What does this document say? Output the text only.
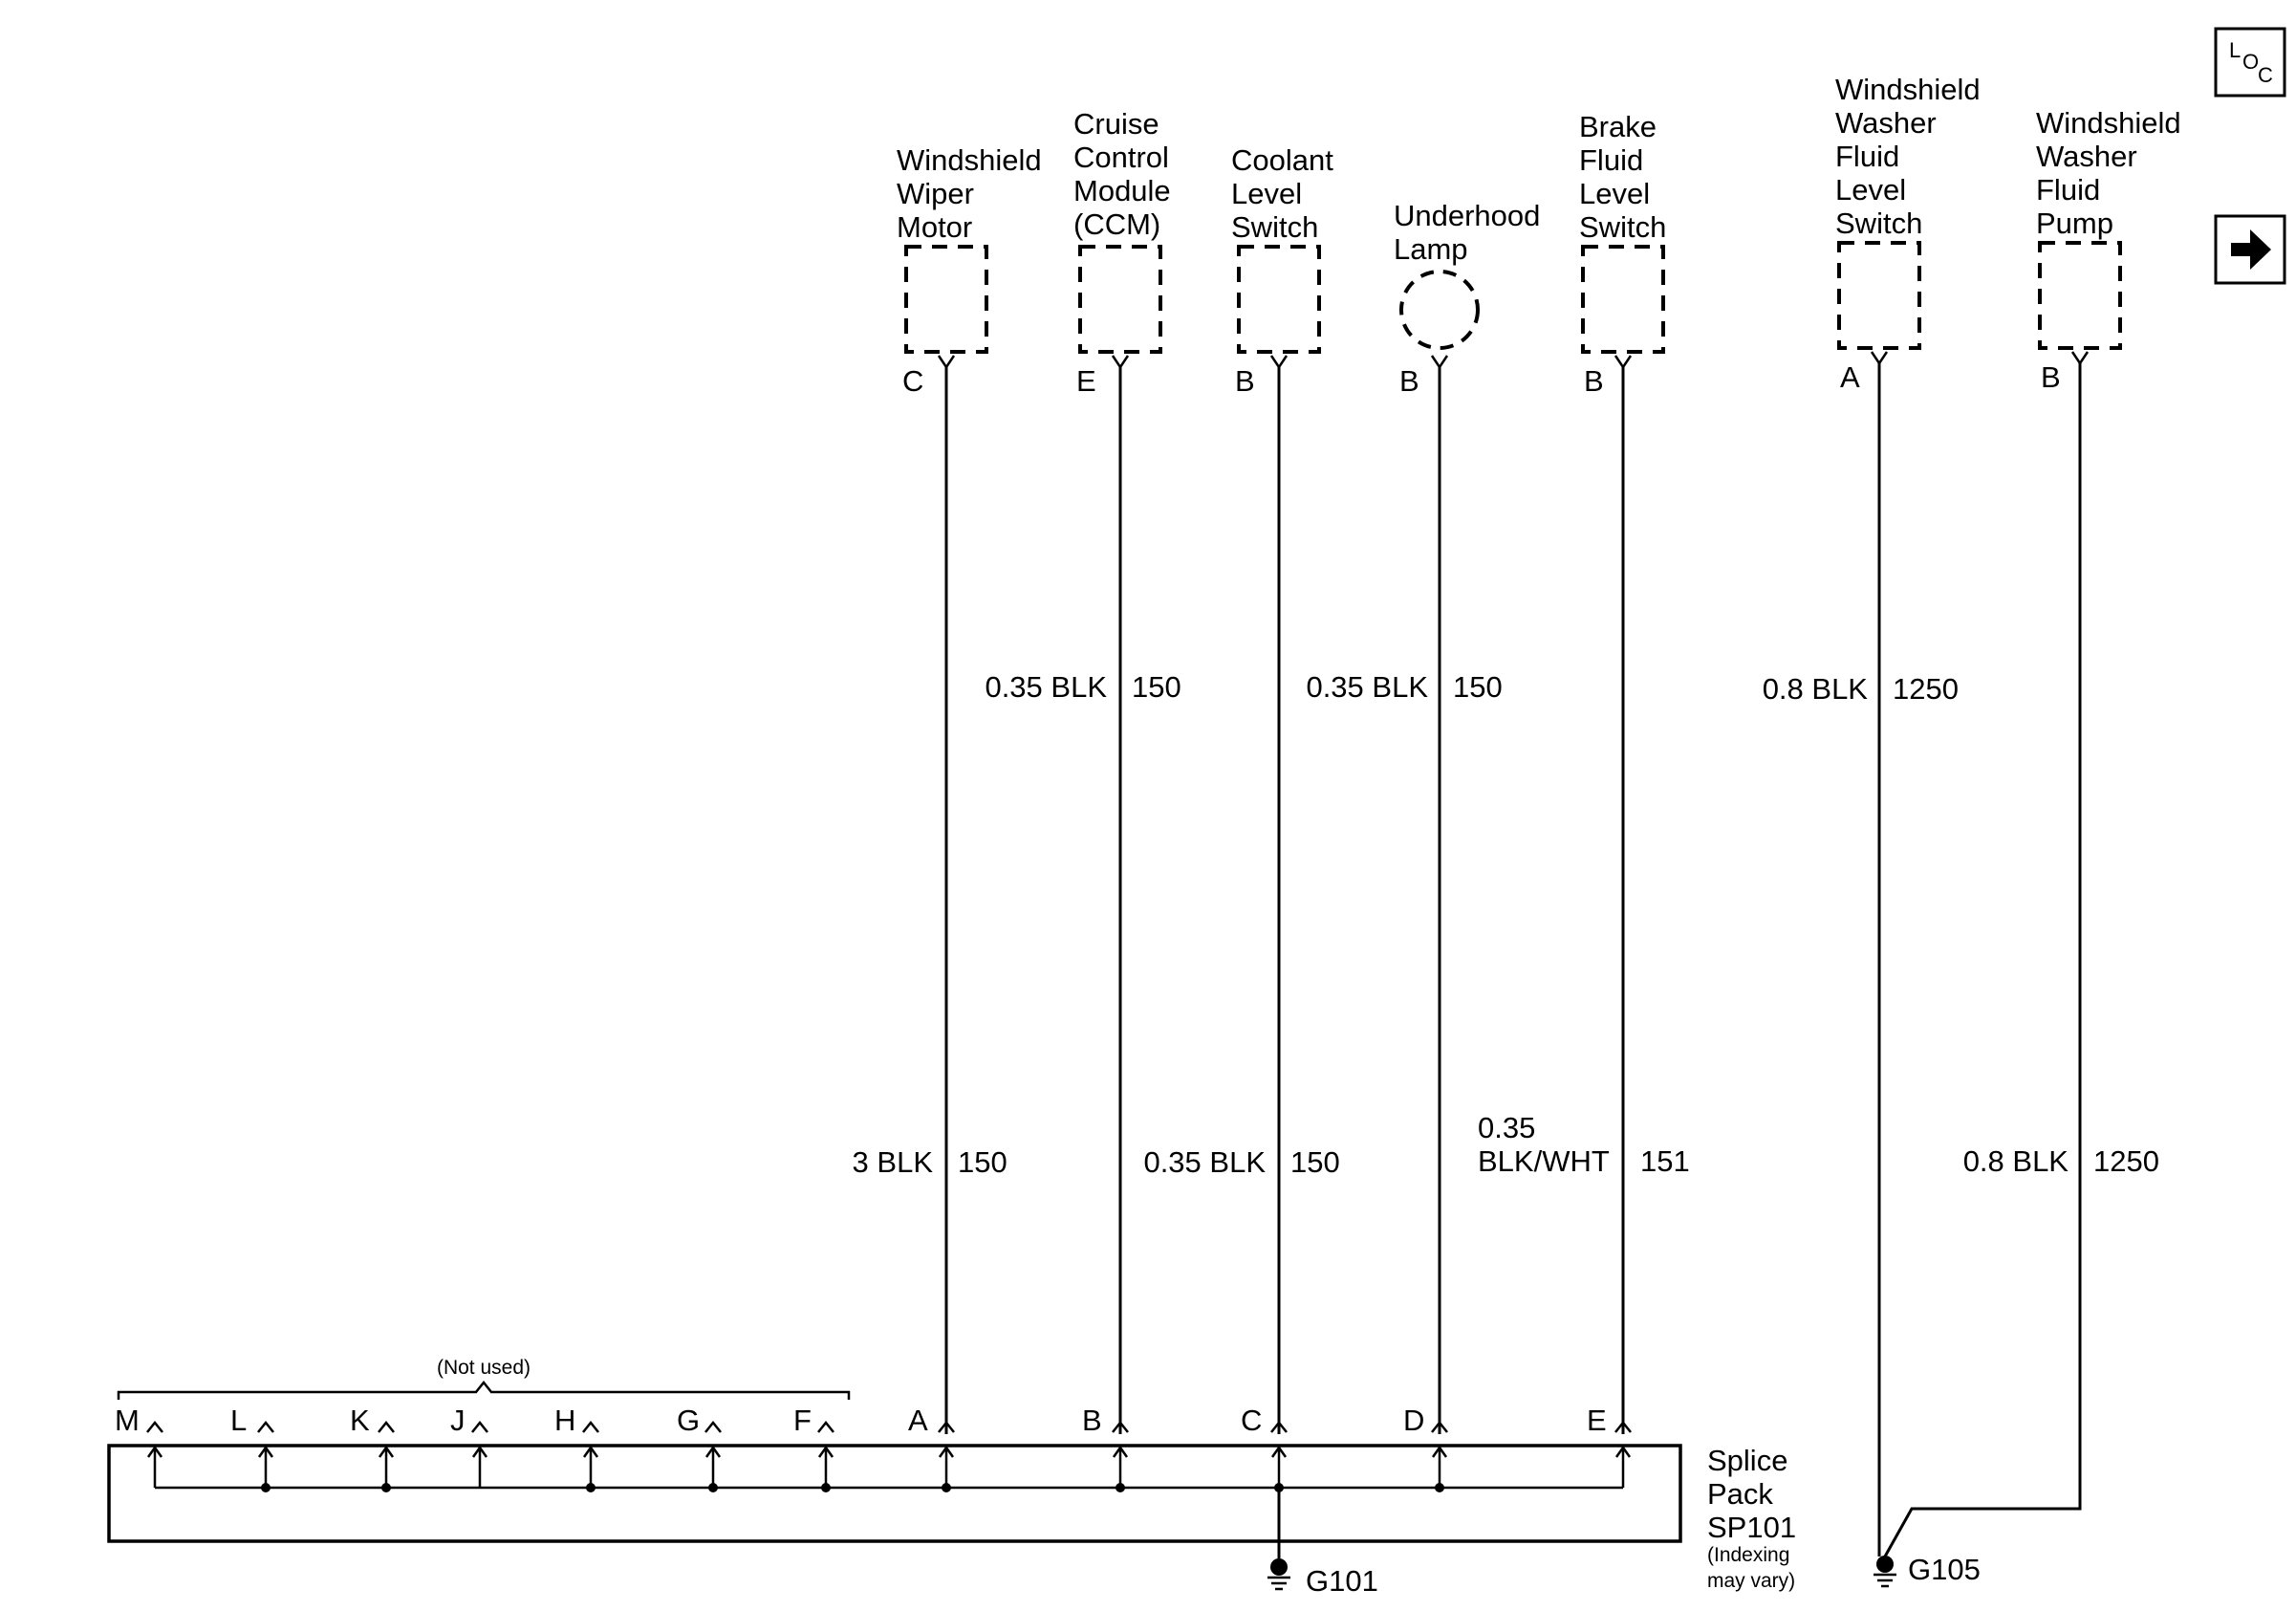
Windshield
Wiper
Motor
C
Cruise
Control
Module
(CCM)
E
Coolant
Level
Switch
B
Underhood
Lamp
B
Brake
Fluid
Level
Switch
B
Windshield
Washer
Fluid
Level
Switch
A
Windshield
Washer
Fluid
Pump
B
0.35 BLK 150	0.35 BLK 150	0.8 BLK 1250
3 BLK 150	0.35 BLK 150
0.35
BLK/WHT 151	0.8 BLK 1250
(Not used)
M	L	K	J	H	G	F	A	B	C	D	E
Splice
Pack
SP101
(Indexing
may vary)
G101	G105
L O
C
